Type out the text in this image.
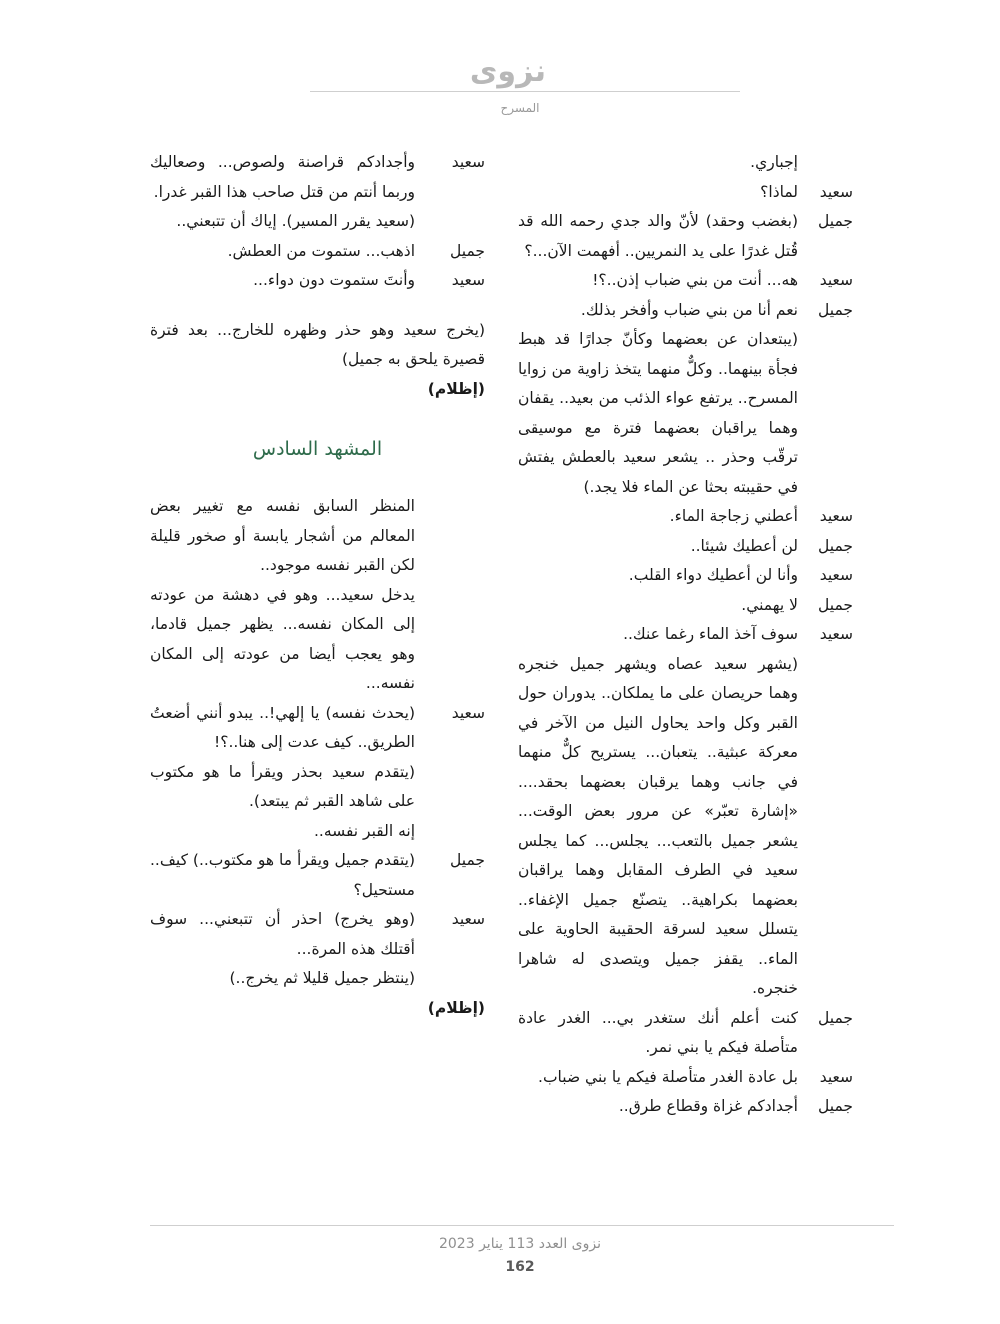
نزوى
المسرح
إجباري.
سعيد
لماذا؟
جميل
(بغضب وحقد) لأنّ والد جدي رحمه الله قد قُتل غدرًا على يد النمريين.. أفهمت الآن...؟
سعيد
هه... أنت من بني ضباب إذن..؟!
جميل
نعم أنا من بني ضباب وأفخر بذلك.
(يبتعدان عن بعضهما وكأنّ جدارًا قد هبط فجأة بينهما.. وكلٌّ منهما يتخذ زاوية من زوايا المسرح.. يرتفع عواء الذئب من بعيد.. يقفان وهما يراقبان بعضهما فترة مع موسيقى ترقّب وحذر .. يشعر سعيد بالعطش يفتش في حقيبته بحثا عن الماء فلا يجد.)
سعيد
أعطني زجاجة الماء.
جميل
لن أعطيك شيئا..
سعيد
وأنا لن أعطيك دواء القلب.
جميل
لا يهمني.
سعيد
سوف آخذ الماء رغما عنك..
(يشهر سعيد عصاه ويشهر جميل خنجره وهما حريصان على ما يملكان.. يدوران حول القبر وكل واحد يحاول النيل من الآخر في معركة عبثية.. يتعبان... يستريح كلٌّ منهما في جانب وهما يرقبان بعضهما بحقد.... «إشارة تعبّر» عن مرور بعض الوقت... يشعر جميل بالتعب... يجلس... كما يجلس سعيد في الطرف المقابل وهما يراقبان بعضهما بكراهية.. يتصنّع جميل الإغفاء.. يتسلل سعيد لسرقة الحقيبة الحاوية على الماء.. يقفز جميل ويتصدى له شاهرا خنجره.
جميل
كنت أعلم أنك ستغدر بي... الغدر عادة متأصلة فيكم يا بني نمر.
سعيد
بل عادة الغدر متأصلة فيكم يا بني ضباب.
جميل
أجدادكم غزاة وقطاع طرق..
سعيد
وأجدادكم قراصنة ولصوص... وصعاليك وربما أنتم من قتل صاحب هذا القبر غدرا.
(سعيد يقرر المسير). إياك أن تتبعني..
جميل
اذهب... ستموت من العطش.
سعيد
وأنتَ ستموت دون دواء...
(يخرج سعيد وهو حذر وظهره للخارج... بعد فترة قصيرة يلحق به جميل)
(إظلام)
المشهد السادس
المنظر السابق نفسه مع تغيير بعض المعالم من أشجار يابسة أو صخور قليلة لكن القبر نفسه موجود..
يدخل سعيد... وهو في دهشة من عودته إلى المكان نفسه... يظهر جميل قادما، وهو يعجب أيضا من عودته إلى المكان نفسه...
سعيد
(يحدث نفسه) يا إلهي!.. يبدو أنني أضعتُ الطريق.. كيف عدت إلى هنا..؟!
(يتقدم سعيد بحذر ويقرأ ما هو مكتوب على شاهد القبر ثم يبتعد).
إنه القبر نفسه..
جميل
(يتقدم جميل ويقرأ ما هو مكتوب..) كيف.. مستحيل؟
سعيد
(وهو يخرج) احذر أن تتبعني... سوف أقتلك هذه المرة...
(ينتظر جميل قليلا ثم يخرج..)
(إظلام)
نزوى العدد 113 يناير 2023
162
